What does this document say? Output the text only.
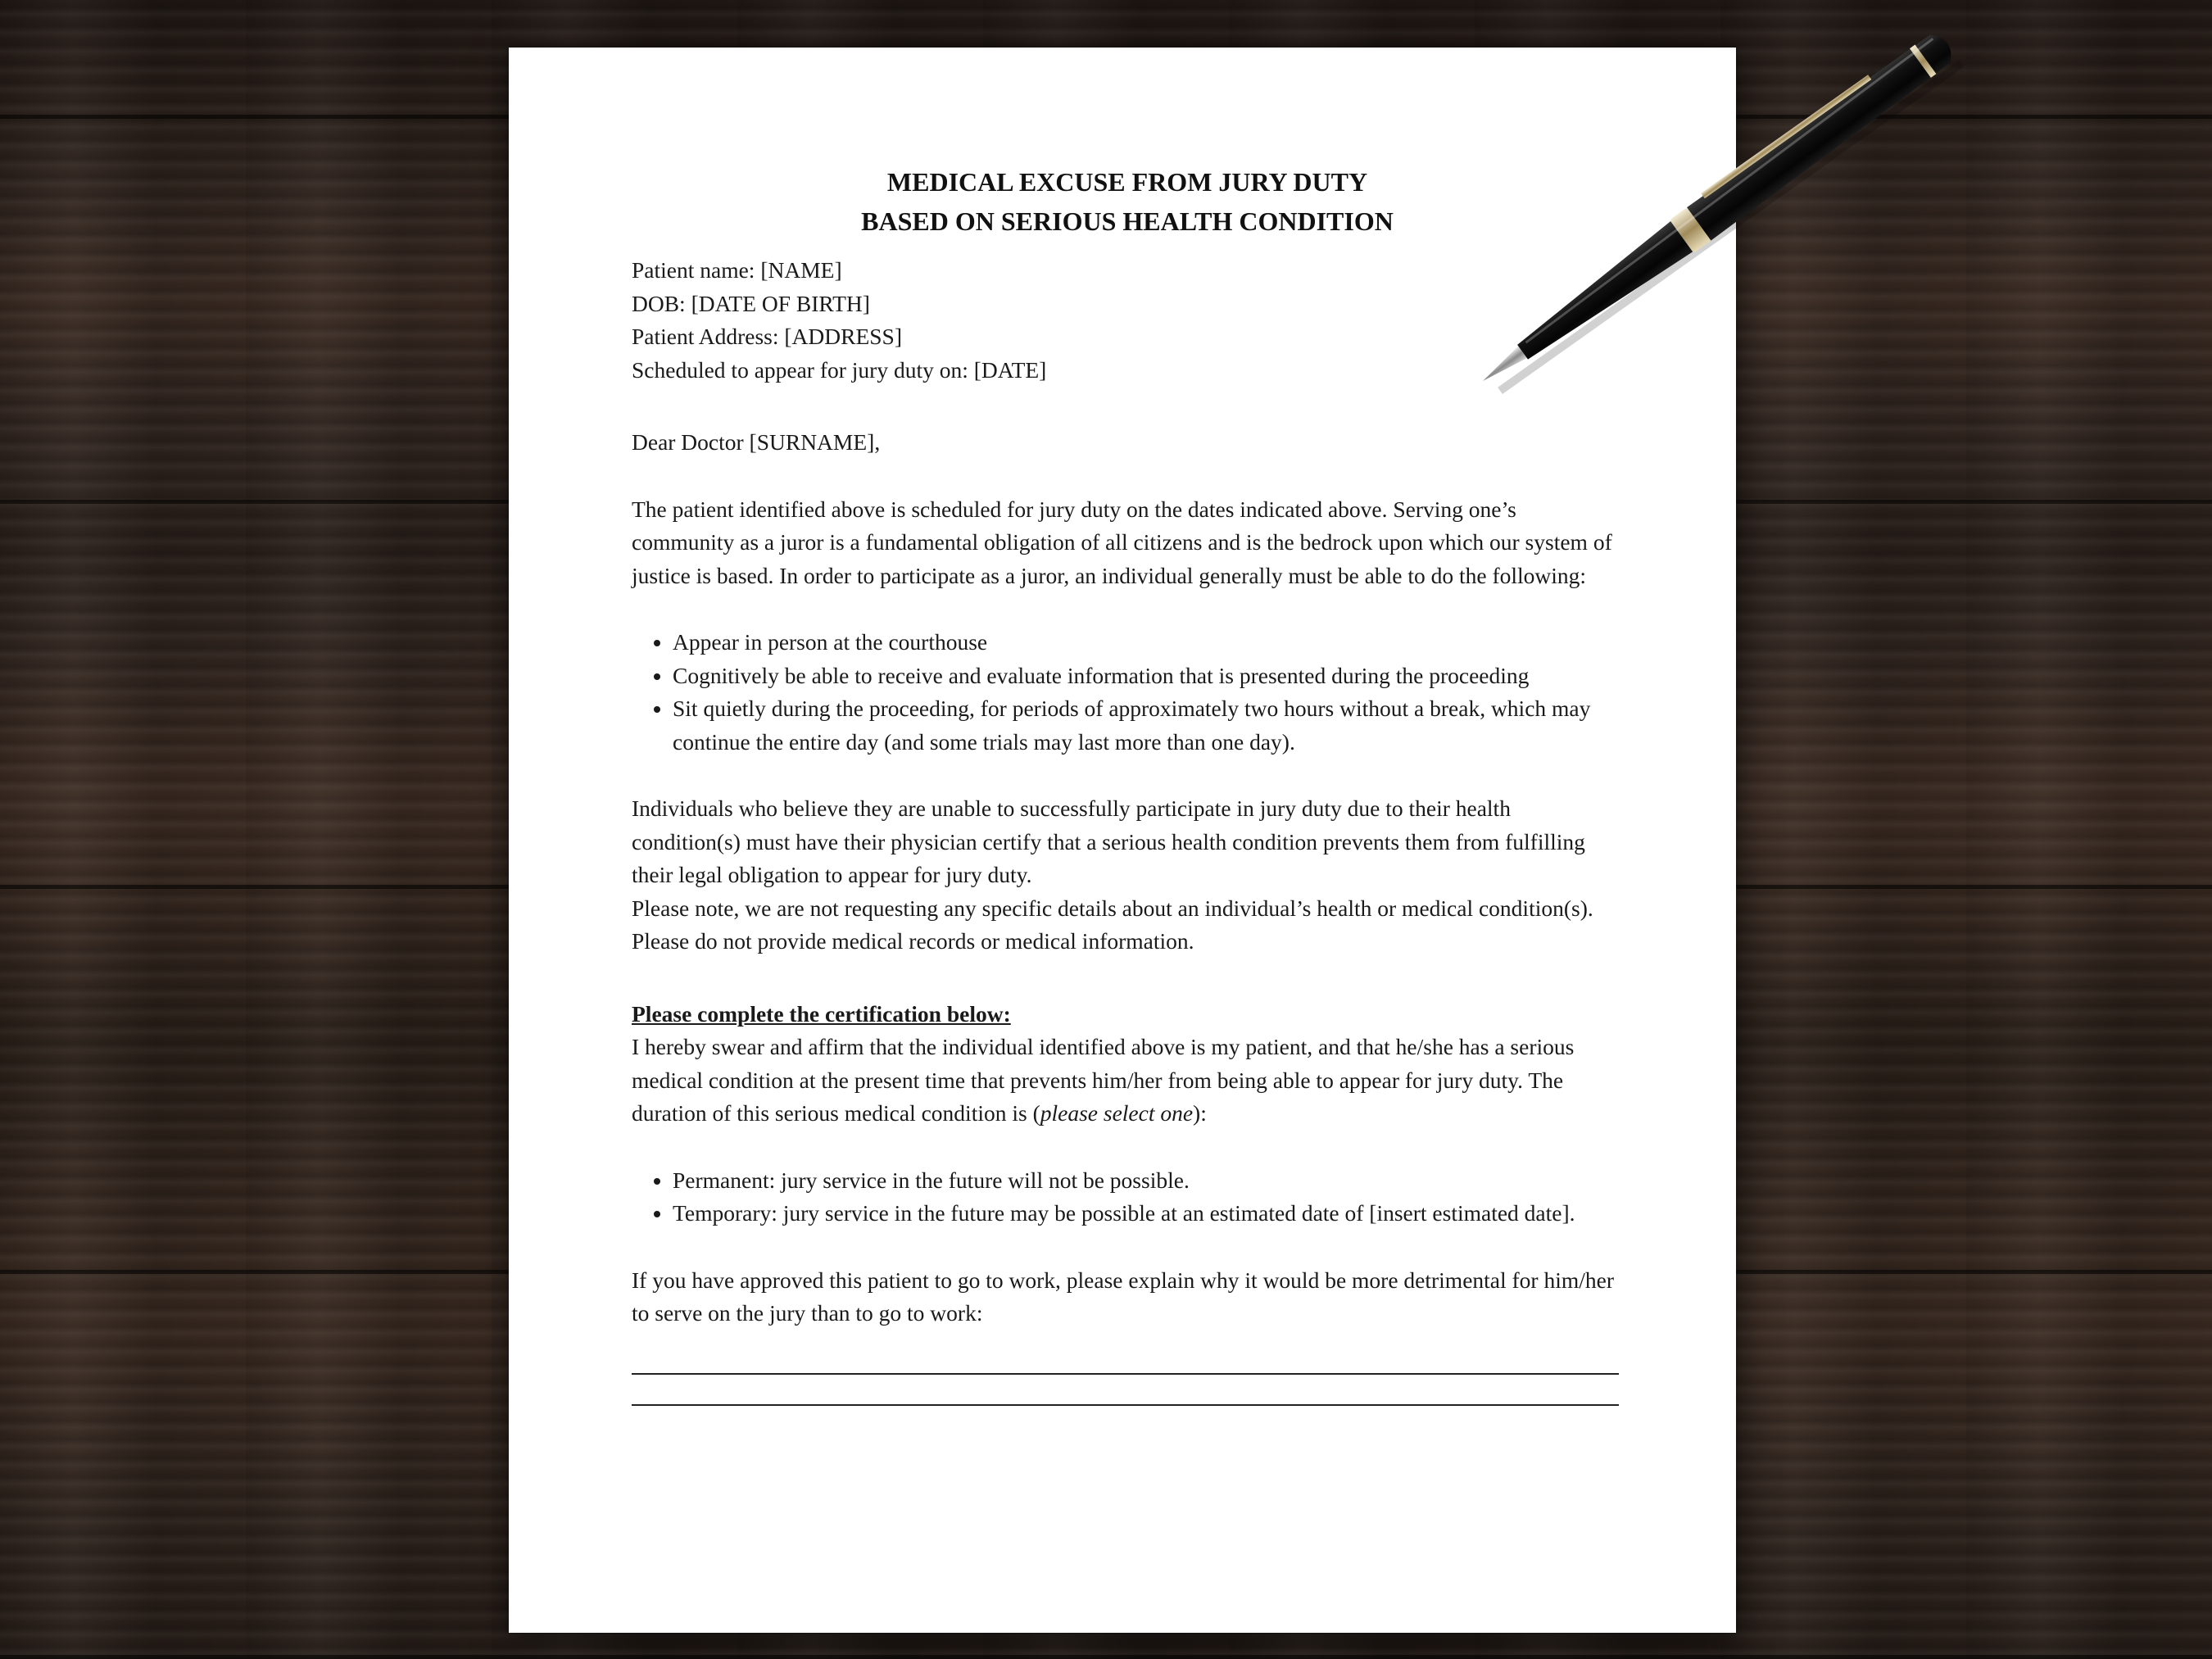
MEDICAL EXCUSE FROM JURY DUTY
BASED ON SERIOUS HEALTH CONDITION

Patient name: [NAME]

DOB: [DATE OF BIRTH]

Patient Address: [ADDRESS]

Scheduled to appear for jury duty on: [DATE]

Dear Doctor [SURNAME],

The patient identified above is scheduled for jury duty on the dates indicated above. Serving one’s community as a juror is a fundamental obligation of all citizens and is the bedrock upon which our system of justice is based. In order to participate as a juror, an individual generally must be able to do the following:

• Appear in person at the courthouse
• Cognitively be able to receive and evaluate information that is presented during the proceeding
• Sit quietly during the proceeding, for periods of approximately two hours without a break, which may continue the entire day (and some trials may last more than one day).

Individuals who believe they are unable to successfully participate in jury duty due to their health condition(s) must have their physician certify that a serious health condition prevents them from fulfilling their legal obligation to appear for jury duty.

Please note, we are not requesting any specific details about an individual’s health or medical condition(s). Please do not provide medical records or medical information.

Please complete the certification below:

I hereby swear and affirm that the individual identified above is my patient, and that he/she has a serious medical condition at the present time that prevents him/her from being able to appear for jury duty. The duration of this serious medical condition is (please select one):

• Permanent: jury service in the future will not be possible.
• Temporary: jury service in the future may be possible at an estimated date of [insert estimated date].

If you have approved this patient to go to work, please explain why it would be more detrimental for him/her to serve on the jury than to go to work:
